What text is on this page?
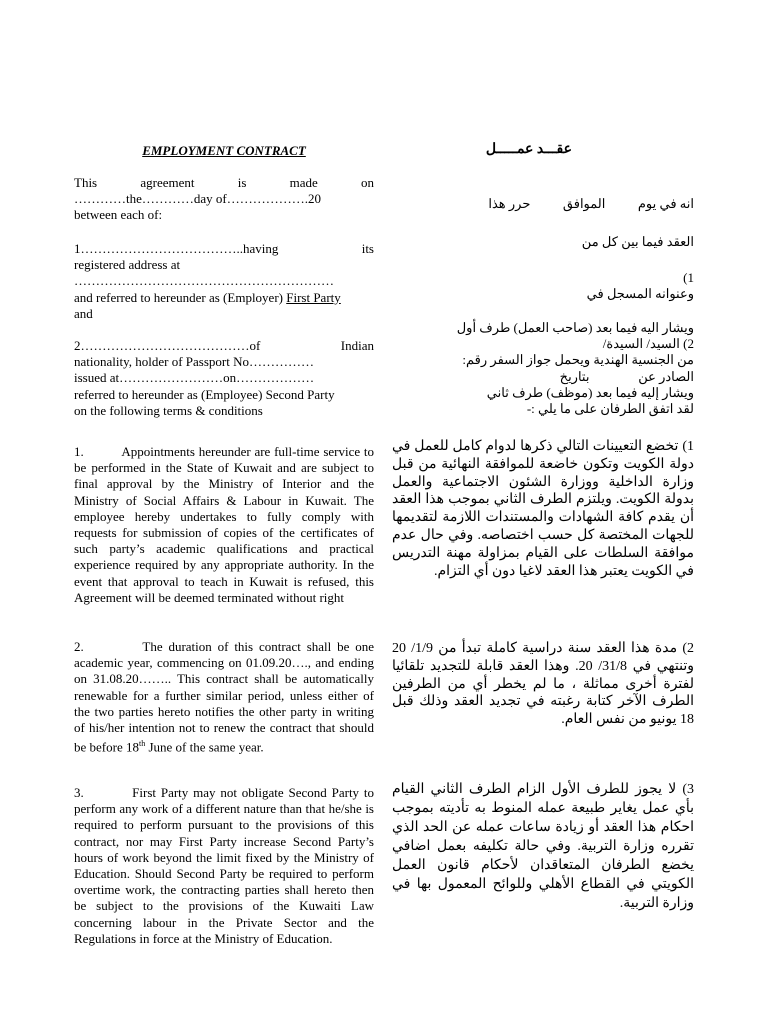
EMPLOYMENT CONTRACT	عقـــد عمـــــل
This agreement is made on
…………the…………day of……………….20
between each of:
1………………………………..having its
registered address at
……………………………………………………
and referred to hereunder as (Employer) First Party
and
2…………………………………of Indian
nationality, holder of Passport No……………
issued at……………………on………………
referred to hereunder as (Employee) Second Party
on the following terms & conditions
1.	Appointments hereunder are full-time service to be performed in the State of Kuwait and are subject to final approval by the Ministry of Interior and the Ministry of Social Affairs & Labour in Kuwait. The employee hereby undertakes to fully comply with requests for submission of copies of the certificates of such party’s academic qualifications and practical experience required by any appropriate authority. In the event that approval to teach in Kuwait is refused, this Agreement will be deemed terminated without right
2.	The duration of this contract shall be one academic year, commencing on 01.09.20…., and ending on 31.08.20…….. This contract shall be automatically renewable for a further similar period, unless either of the two parties hereto notifies the other party in writing of his/her intention not to renew the contract that should be before 18th June of the same year.
3.	First Party may not obligate Second Party to perform any work of a different nature than that he/she is required to perform pursuant to the provisions of this contract, nor may First Party increase Second Party’s hours of work beyond the limit fixed by the Ministry of Education. Should Second Party be required to perform overtime work, the contracting parties shall hereto then be subject to the provisions of the Kuwaiti Law concerning labour in the Private Sector and the Regulations in force at the Ministry of Education.
انه في يوم          الموافق          حرر هذا
العقد فيما بين كل من
1)
وعنوانه المسجل في
ويشار اليه فيما بعد (صاحب العمل) طرف أول
2) السيد/ السيدة/
من الجنسية الهندية ويحمل جواز السفر رقم:
الصادر عن               بتاريخ
ويشار إليه فيما بعد (موظف) طرف ثاني
لقد اتفق الطرفان على ما يلي :-
1) تخضع التعيينات التالي ذكرها لدوام كامل للعمل في دولة الكويت وتكون خاضعة للموافقة النهائية من قبل وزارة الداخلية ووزارة الشئون الاجتماعية والعمل بدولة الكويت. ويلتزم الطرف الثاني بموجب هذا العقد أن يقدم كافة الشهادات والمستندات اللازمة لتقديمها للجهات المختصة كل حسب اختصاصه. وفي حال عدم موافقة السلطات على القيام بمزاولة مهنة التدريس في الكويت يعتبر هذا العقد لاغيا دون أي التزام.
2) مدة هذا العقد سنة دراسية كاملة تبدأ من 1/9/ 20 وتنتهي في 31/8/ 20. وهذا العقد قابلة للتجديد تلقائيا لفترة أخرى مماثلة ، ما لم يخطر أي من الطرفين الطرف الآخر كتابة رغبته في تجديد العقد وذلك قبل 18 يونيو من نفس العام.
3) لا يجوز للطرف الأول الزام الطرف الثاني القيام بأي عمل يغاير طبيعة عمله المنوط به تأديته بموجب احكام هذا العقد أو زيادة ساعات عمله عن الحد الذي تقرره وزارة التربية. وفي حالة تكليفه بعمل اضافي يخضع الطرفان المتعاقدان لأحكام قانون العمل الكويتي في القطاع الأهلي وللوائح المعمول بها في وزارة التربية.
